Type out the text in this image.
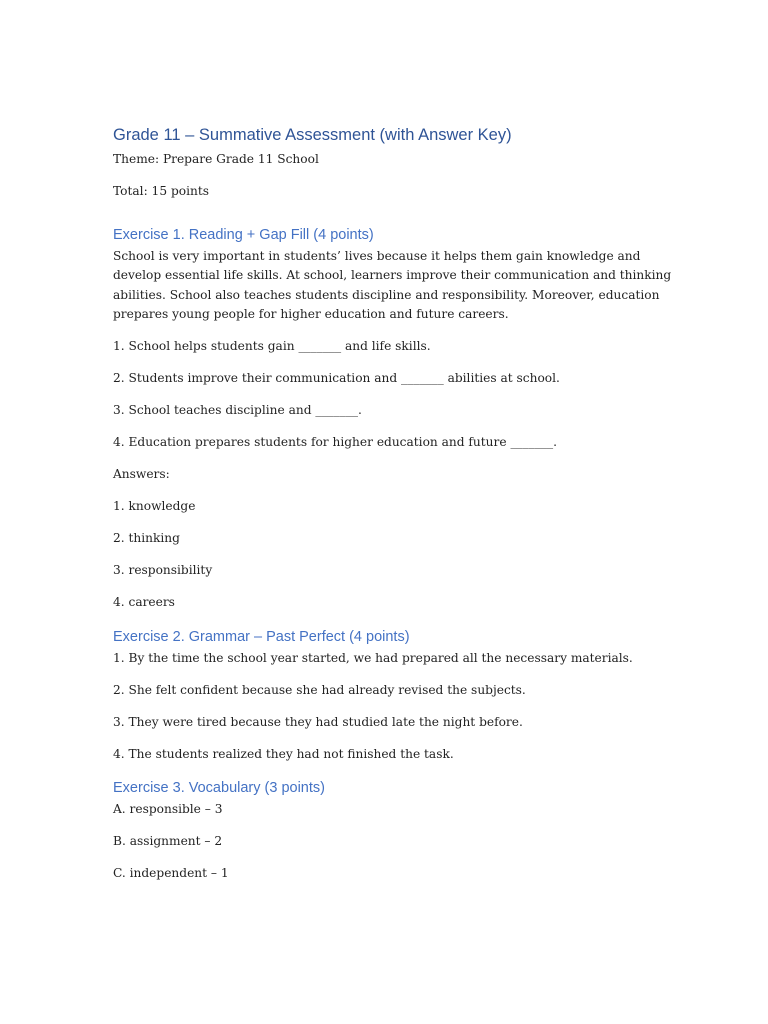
Grade 11 – Summative Assessment (with Answer Key)

Theme: Prepare Grade 11 School

Total: 15 points

Exercise 1. Reading + Gap Fill (4 points)

School is very important in students’ lives because it helps them gain knowledge and
develop essential life skills. At school, learners improve their communication and thinking
abilities. School also teaches students discipline and responsibility. Moreover, education
prepares young people for higher education and future careers.

1. School helps students gain _______ and life skills.

2. Students improve their communication and _______ abilities at school.

3. School teaches discipline and _______.

4. Education prepares students for higher education and future _______.

Answers:

1. knowledge

2. thinking

3. responsibility

4. careers

Exercise 2. Grammar – Past Perfect (4 points)

1. By the time the school year started, we had prepared all the necessary materials.

2. She felt confident because she had already revised the subjects.

3. They were tired because they had studied late the night before.

4. The students realized they had not finished the task.

Exercise 3. Vocabulary (3 points)

A. responsible – 3

B. assignment – 2

C. independent – 1
